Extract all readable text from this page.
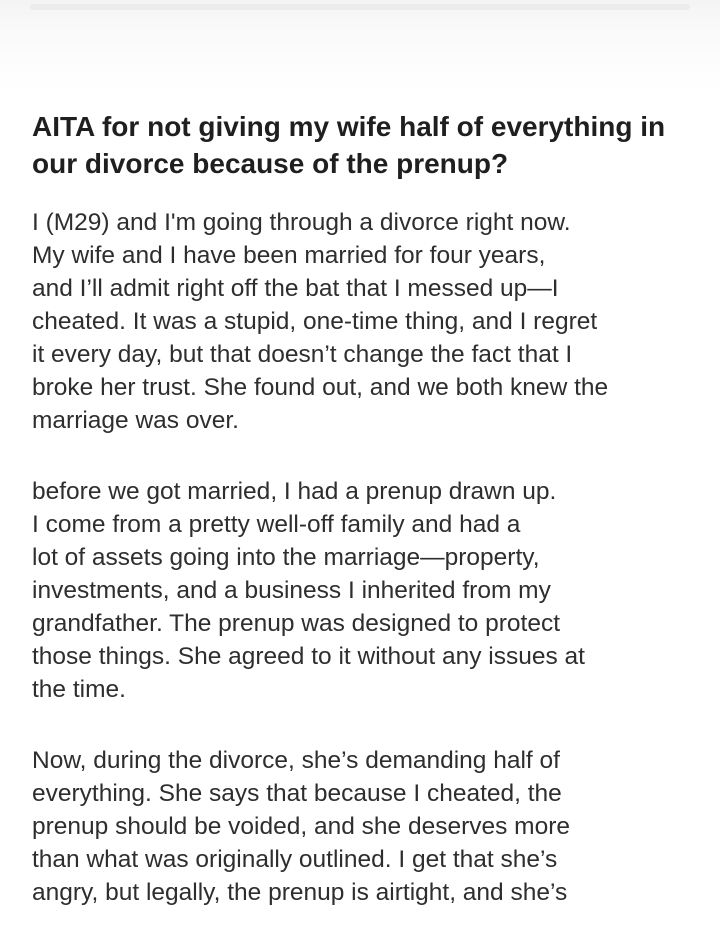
AITA for not giving my wife half of everything in our divorce because of the prenup?

I (M29) and I'm going through a divorce right now.
My wife and I have been married for four years,
and I’ll admit right off the bat that I messed up—I
cheated. It was a stupid, one-time thing, and I regret
it every day, but that doesn’t change the fact that I
broke her trust. She found out, and we both knew the
marriage was over.

before we got married, I had a prenup drawn up.
I come from a pretty well-off family and had a
lot of assets going into the marriage—property,
investments, and a business I inherited from my
grandfather. The prenup was designed to protect
those things. She agreed to it without any issues at
the time.

Now, during the divorce, she’s demanding half of
everything. She says that because I cheated, the
prenup should be voided, and she deserves more
than what was originally outlined. I get that she’s
angry, but legally, the prenup is airtight, and she’s
